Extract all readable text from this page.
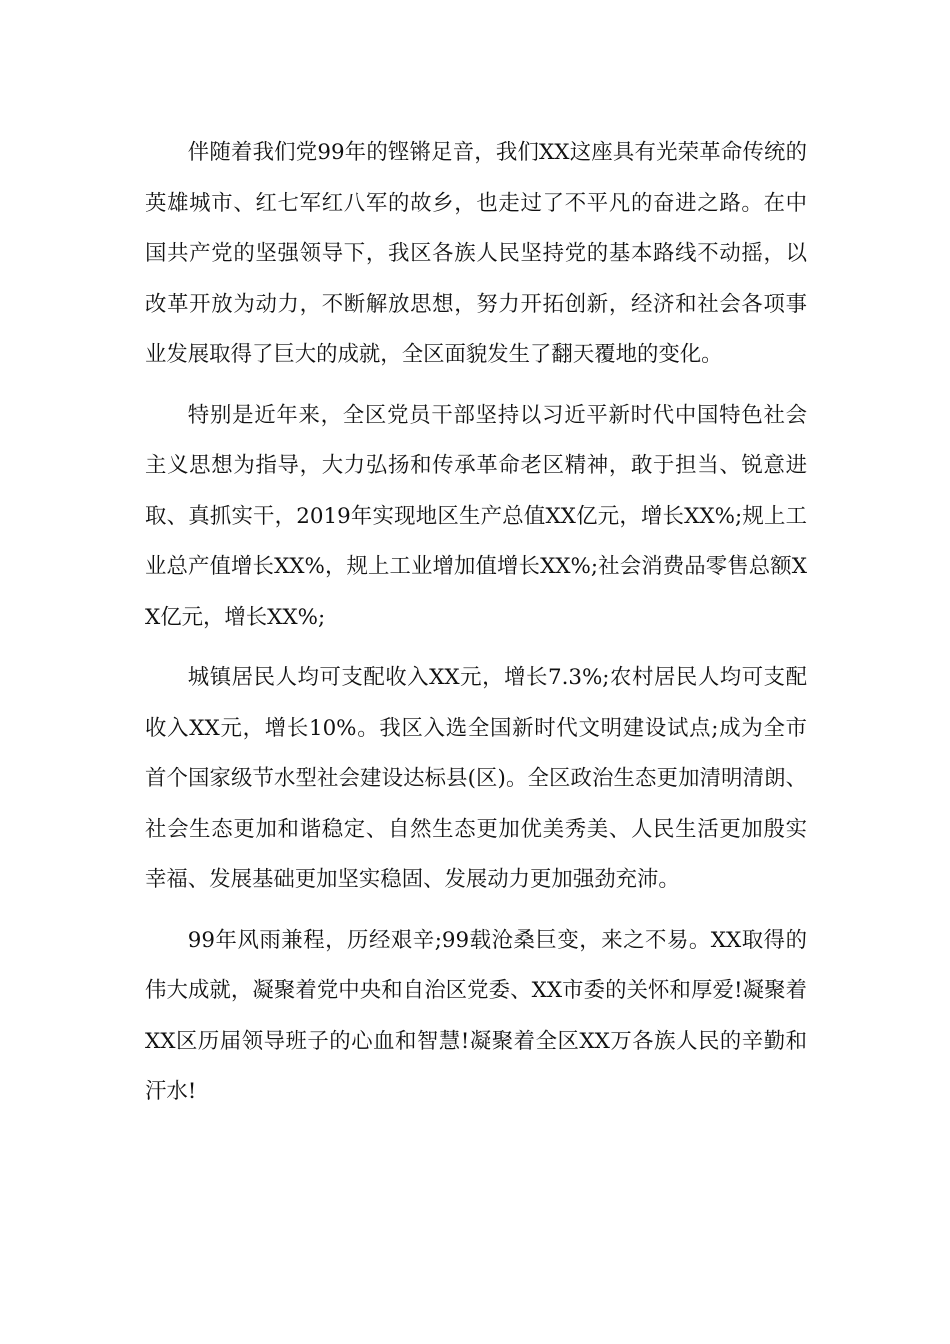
伴随着我们党99年的铿锵足音，我们XX这座具有光荣革命传统的英雄城市、红七军红八军的故乡，也走过了不平凡的奋进之路。在中国共产党的坚强领导下，我区各族人民坚持党的基本路线不动摇，以改革开放为动力，不断解放思想，努力开拓创新，经济和社会各项事业发展取得了巨大的成就，全区面貌发生了翻天覆地的变化。

特别是近年来，全区党员干部坚持以习近平新时代中国特色社会主义思想为指导，大力弘扬和传承革命老区精神，敢于担当、锐意进取、真抓实干，2019年实现地区生产总值XX亿元，增长XX%;规上工业总产值增长XX%，规上工业增加值增长XX%;社会消费品零售总额XX亿元，增长XX%;

城镇居民人均可支配收入XX元，增长7.3%;农村居民人均可支配收入XX元，增长10%。我区入选全国新时代文明建设试点;成为全市首个国家级节水型社会建设达标县(区)。全区政治生态更加清明清朗、社会生态更加和谐稳定、自然生态更加优美秀美、人民生活更加殷实幸福、发展基础更加坚实稳固、发展动力更加强劲充沛。

99年风雨兼程，历经艰辛;99载沧桑巨变，来之不易。XX取得的伟大成就，凝聚着党中央和自治区党委、XX市委的关怀和厚爱!凝聚着XX区历届领导班子的心血和智慧!凝聚着全区XX万各族人民的辛勤和汗水!
